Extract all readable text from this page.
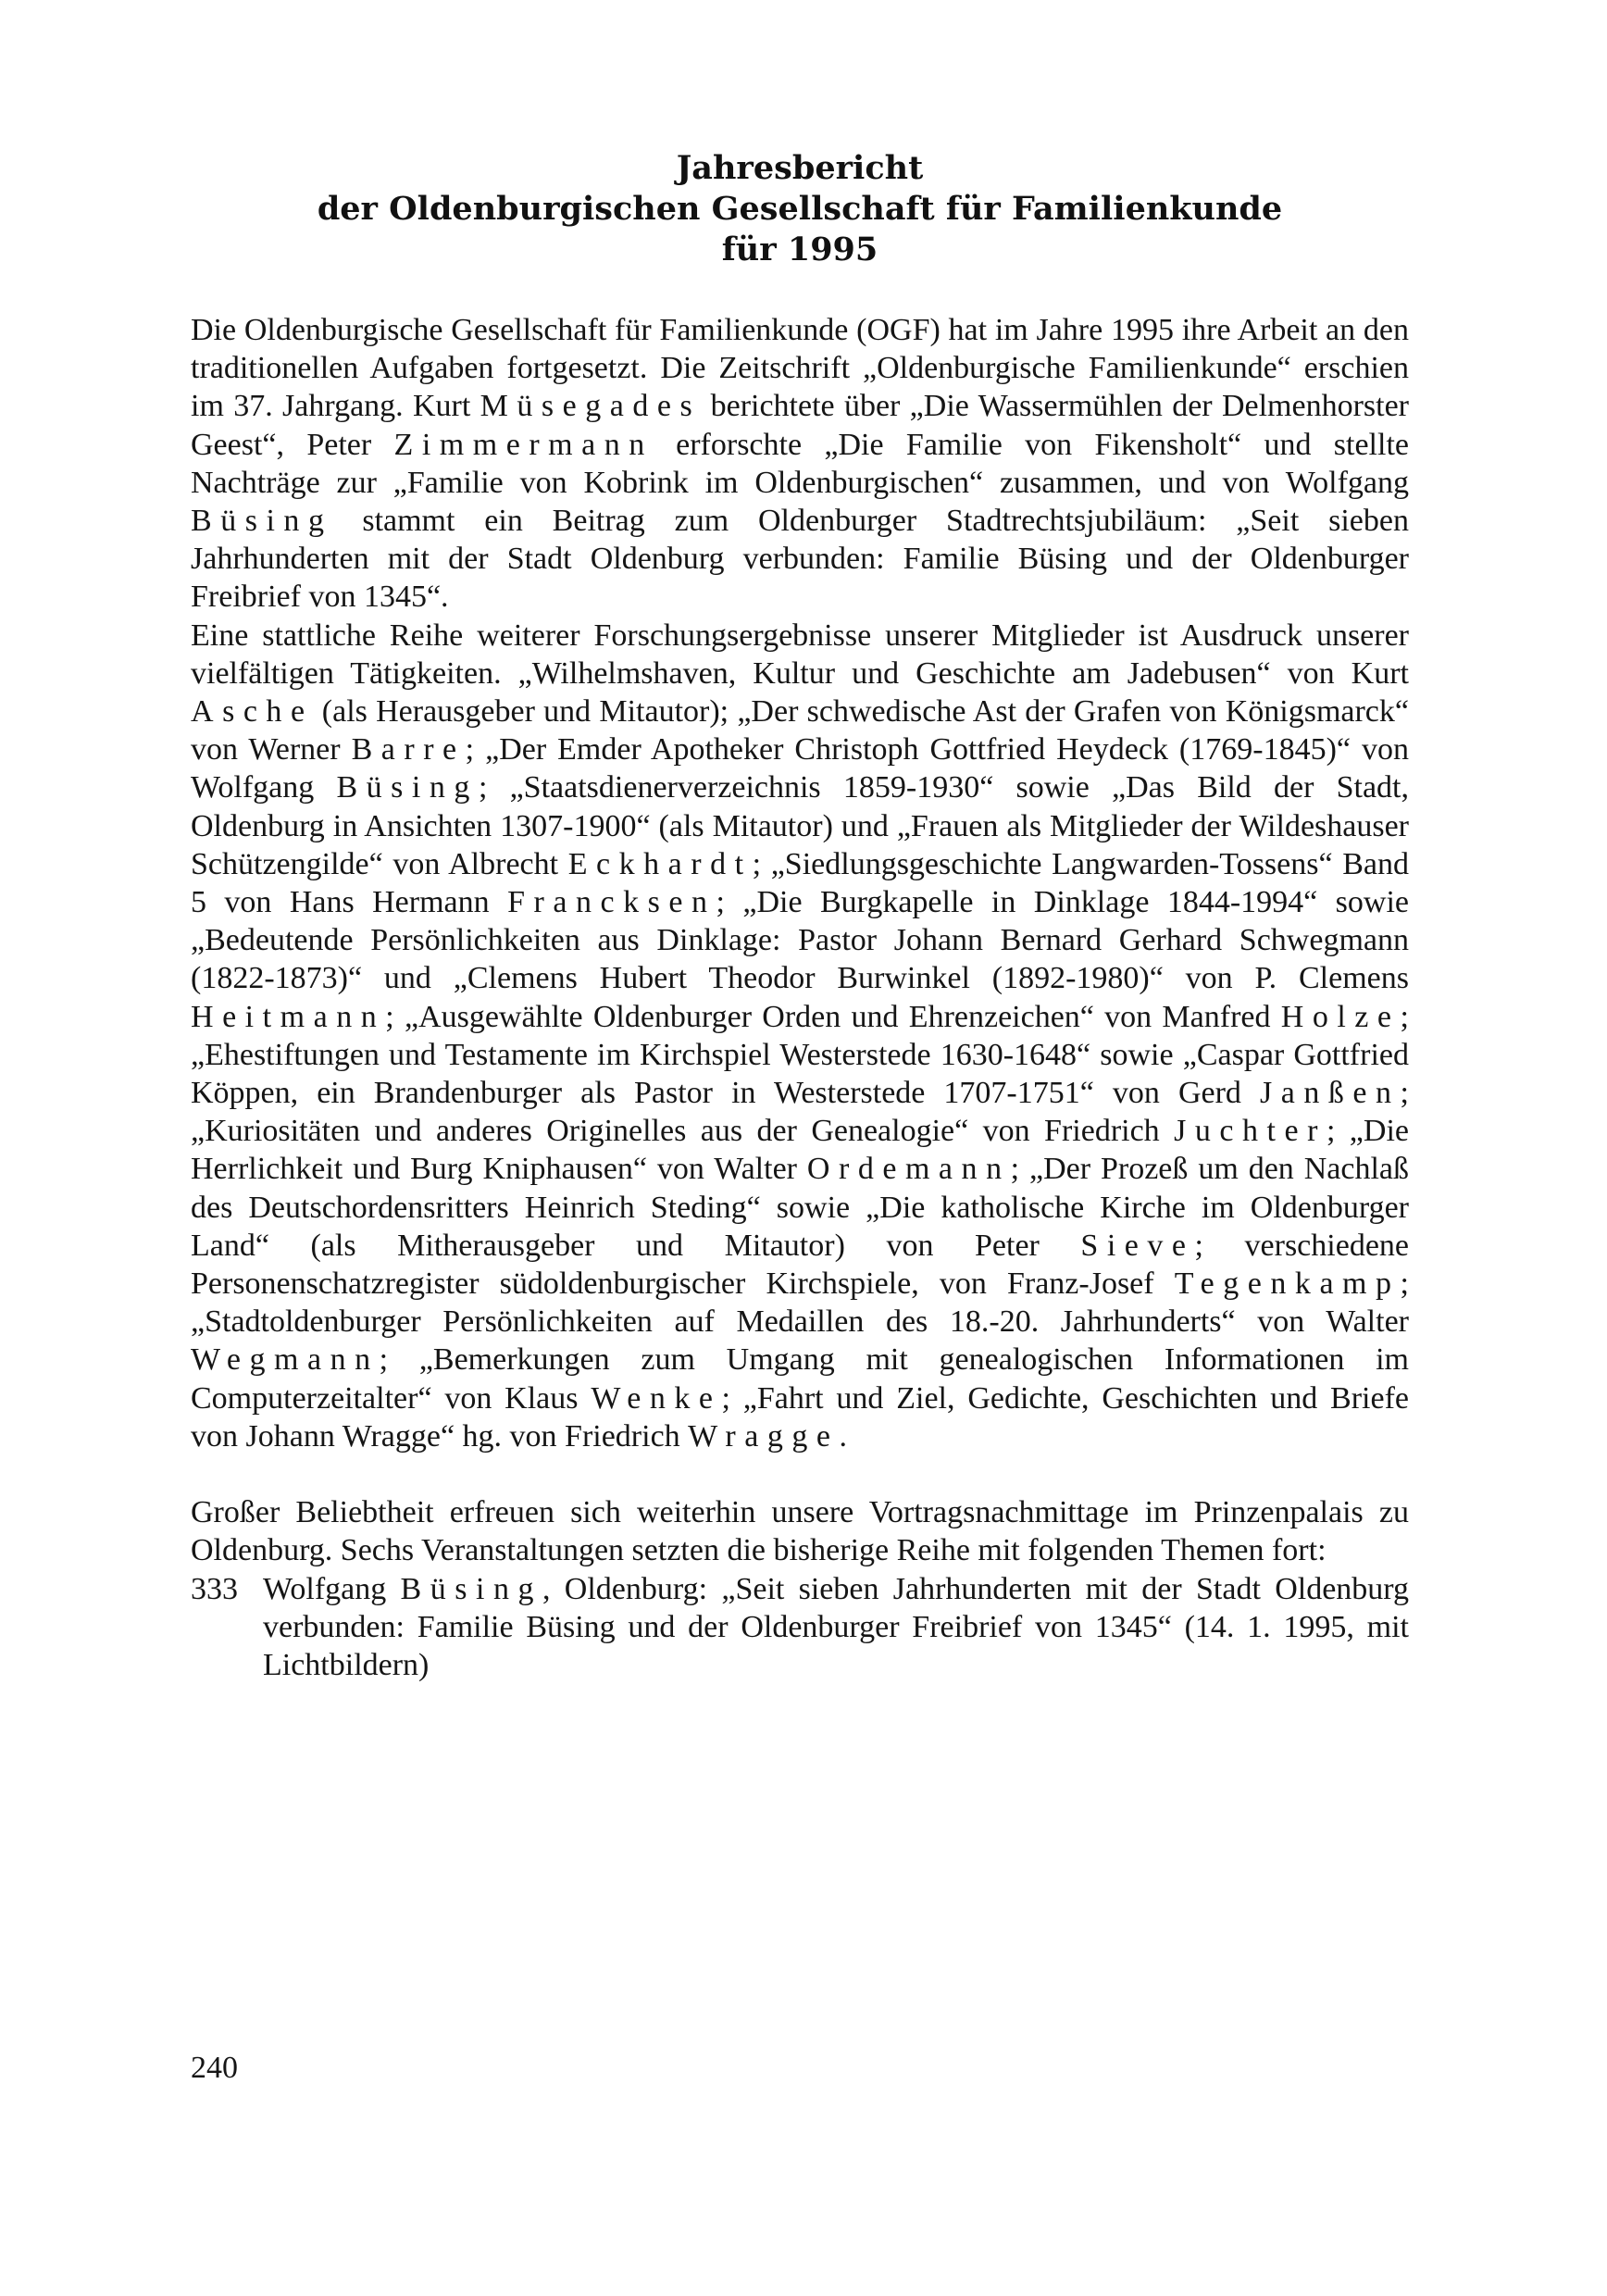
Jahresbericht
der Oldenburgischen Gesellschaft für Familienkunde
für 1995

Die Oldenburgische Gesellschaft für Familienkunde (OGF) hat im Jahre 1995 ihre Arbeit an den traditionellen Aufgaben fortgesetzt. Die Zeitschrift „Oldenburgische Familienkunde“ erschien im 37. Jahrgang. Kurt Müsegades berichtete über „Die Wassermühlen der Delmenhorster Geest“, Peter Zimmermann erforschte „Die Familie von Fikensholt“ und stellte Nachträge zur „Familie von Kobrink im Oldenburgischen“ zusammen, und von Wolfgang Büsing stammt ein Beitrag zum Oldenburger Stadtrechtsjubiläum: „Seit sieben Jahrhunderten mit der Stadt Oldenburg verbunden: Familie Büsing und der Oldenburger Freibrief von 1345“.

Eine stattliche Reihe weiterer Forschungsergebnisse unserer Mitglieder ist Ausdruck unserer vielfältigen Tätigkeiten. „Wilhelmshaven, Kultur und Geschichte am Jadebusen“ von Kurt Asche (als Herausgeber und Mitautor); „Der schwedische Ast der Grafen von Königsmarck“ von Werner Barre; „Der Emder Apotheker Christoph Gottfried Heydeck (1769-1845)“ von Wolfgang Büsing; „Staatsdienerverzeichnis 1859-1930“ sowie „Das Bild der Stadt, Oldenburg in Ansichten 1307-1900“ (als Mitautor) und „Frauen als Mitglieder der Wildeshauser Schützengilde“ von Albrecht Eckhardt; „Siedlungsgeschichte Langwarden-Tossens“ Band 5 von Hans Hermann Francksen; „Die Burgkapelle in Dinklage 1844-1994“ sowie „Bedeutende Persönlichkeiten aus Dinklage: Pastor Johann Bernard Gerhard Schwegmann (1822-1873)“ und „Clemens Hubert Theodor Burwinkel (1892-1980)“ von P. Clemens Heitmann; „Ausgewählte Oldenburger Orden und Ehrenzeichen“ von Manfred Holze; „Ehestiftungen und Testamente im Kirchspiel Westerstede 1630-1648“ sowie „Caspar Gottfried Köppen, ein Brandenburger als Pastor in Westerstede 1707-1751“ von Gerd Janßen; „Kuriositäten und anderes Originelles aus der Genealogie“ von Friedrich Juchter; „Die Herrlichkeit und Burg Kniphausen“ von Walter Ordemann; „Der Prozeß um den Nachlaß des Deutschordensritters Heinrich Steding“ sowie „Die katholische Kirche im Oldenburger Land“ (als Mitherausgeber und Mitautor) von Peter Sieve; verschiedene Personenschatzregister südoldenburgischer Kirchspiele, von Franz-Josef Tegenkamp; „Stadtoldenburger Persönlichkeiten auf Medaillen des 18.-20. Jahrhunderts“ von Walter Wegmann; „Bemerkungen zum Umgang mit genealogischen Informationen im Computerzeitalter“ von Klaus Wenke; „Fahrt und Ziel, Gedichte, Geschichten und Briefe von Johann Wragge“ hg. von Friedrich Wragge.

Großer Beliebtheit erfreuen sich weiterhin unsere Vortragsnachmittage im Prinzenpalais zu Oldenburg. Sechs Veranstaltungen setzten die bisherige Reihe mit folgenden Themen fort:

333 Wolfgang Büsing, Oldenburg: „Seit sieben Jahrhunderten mit der Stadt Oldenburg verbunden: Familie Büsing und der Oldenburger Freibrief von 1345“ (14. 1. 1995, mit Lichtbildern)
240
